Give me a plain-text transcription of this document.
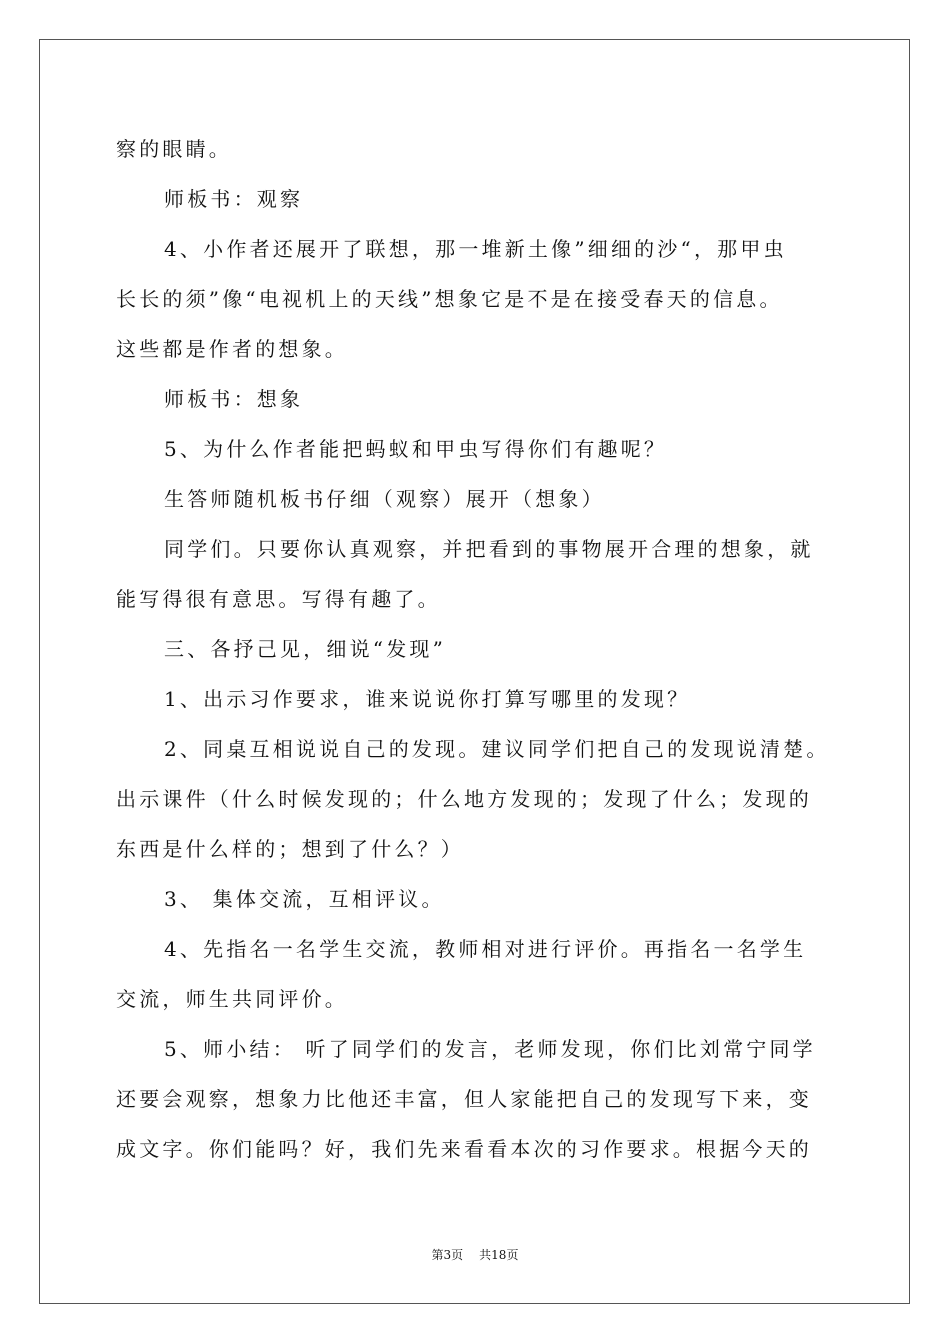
察的眼睛。
师板书：观察
4、小作者还展开了联想，那一堆新土像”细细的沙“，那甲虫
长长的须”像“电视机上的天线”想象它是不是在接受春天的信息。
这些都是作者的想象。
师板书：想象
5、为什么作者能把蚂蚁和甲虫写得你们有趣呢？
生答师随机板书仔细（观察）展开（想象）
同学们。只要你认真观察，并把看到的事物展开合理的想象，就
能写得很有意思。写得有趣了。
三、各抒己见，细说“发现”
1、出示习作要求，谁来说说你打算写哪里的发现？
2、同桌互相说说自己的发现。建议同学们把自己的发现说清楚。
出示课件（什么时候发现的；什么地方发现的；发现了什么；发现的
东西是什么样的；想到了什么？）
3、 集体交流，互相评议。
4、先指名一名学生交流，教师相对进行评价。再指名一名学生
交流，师生共同评价。
5、师小结： 听了同学们的发言，老师发现，你们比刘常宁同学
还要会观察，想象力比他还丰富，但人家能把自己的发现写下来，变
成文字。你们能吗？好，我们先来看看本次的习作要求。根据今天的
第3页 共18页
